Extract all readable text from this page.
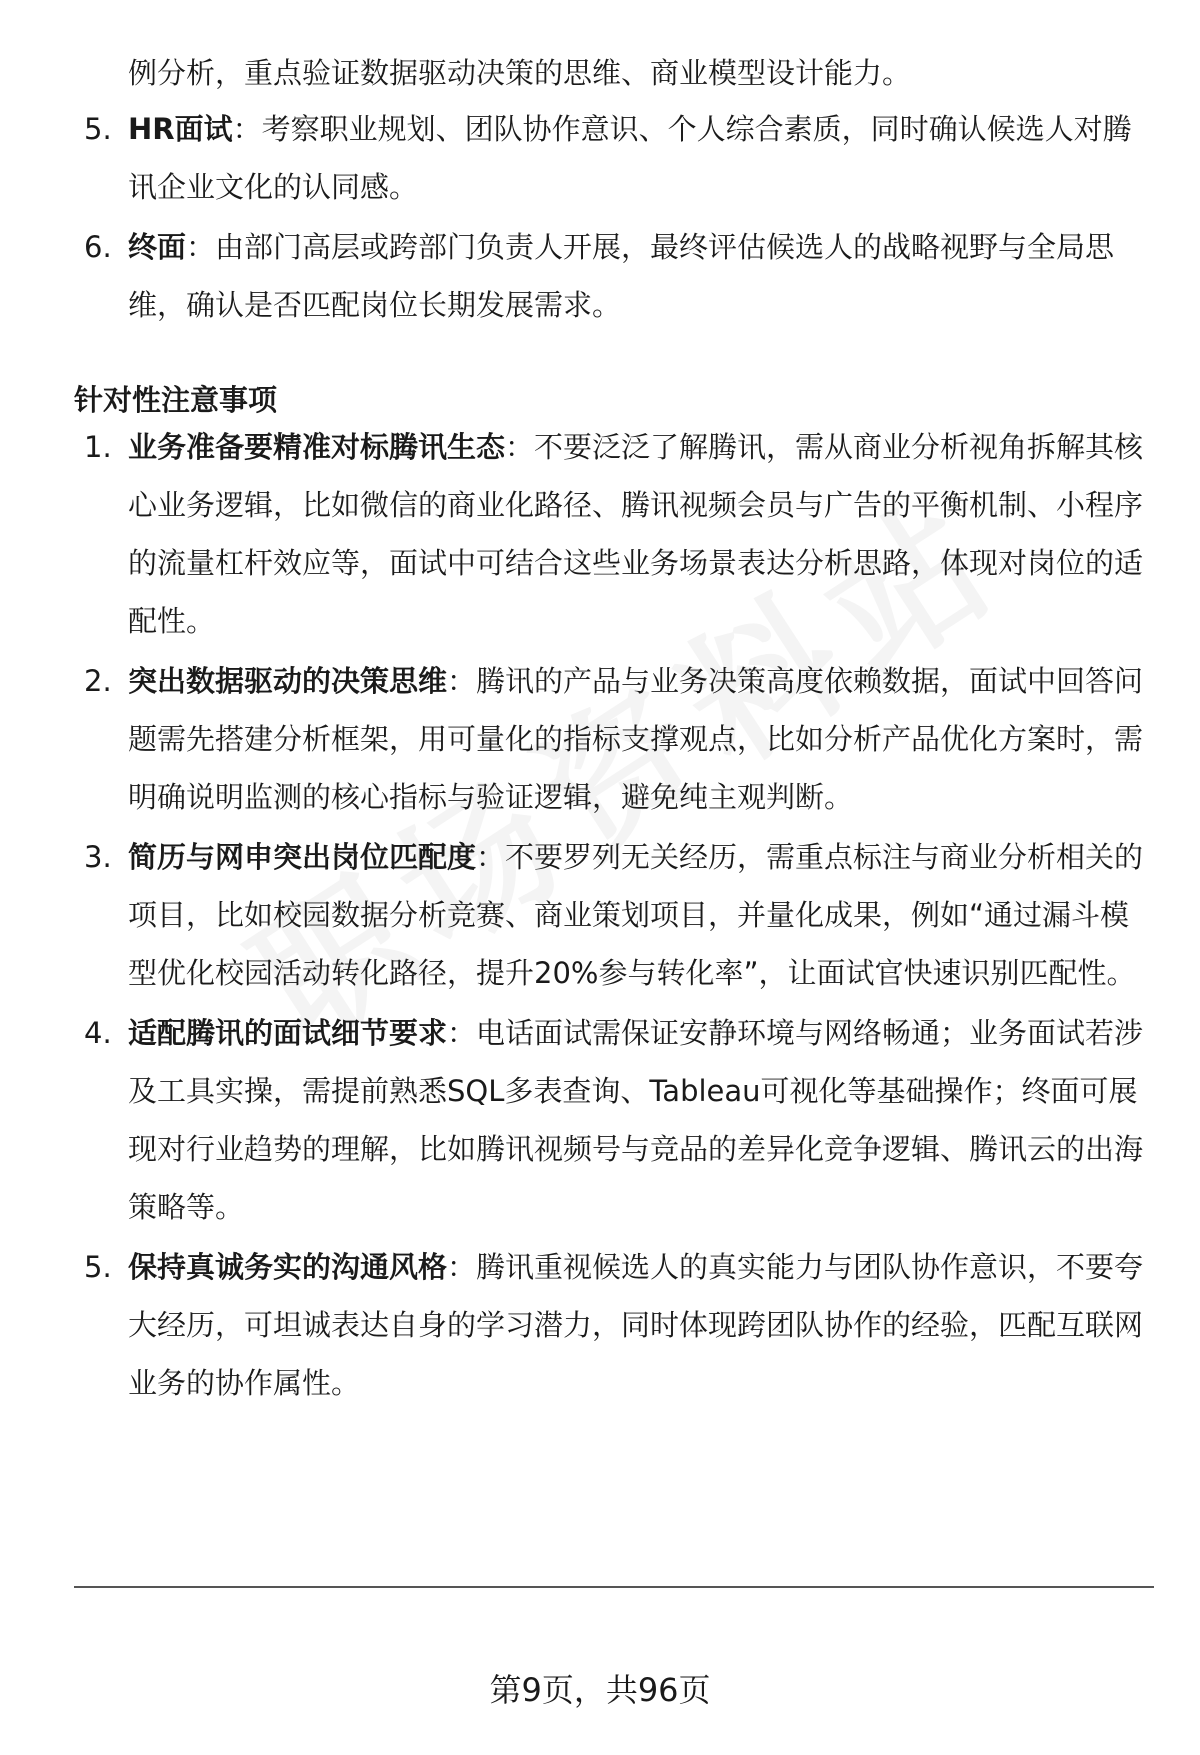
例分析，重点验证数据驱动决策的思维、商业模型设计能力。
5. HR面试：考察职业规划、团队协作意识、个人综合素质，同时确认候选人对腾讯企业文化的认同感。
6. 终面：由部门高层或跨部门负责人开展，最终评估候选人的战略视野与全局思维，确认是否匹配岗位长期发展需求。
针对性注意事项
1. 业务准备要精准对标腾讯生态：不要泛泛了解腾讯，需从商业分析视角拆解其核心业务逻辑，比如微信的商业化路径、腾讯视频会员与广告的平衡机制、小程序的流量杠杆效应等，面试中可结合这些业务场景表达分析思路，体现对岗位的适配性。
2. 突出数据驱动的决策思维：腾讯的产品与业务决策高度依赖数据，面试中回答问题需先搭建分析框架，用可量化的指标支撑观点，比如分析产品优化方案时，需明确说明监测的核心指标与验证逻辑，避免纯主观判断。
3. 简历与网申突出岗位匹配度：不要罗列无关经历，需重点标注与商业分析相关的项目，比如校园数据分析竞赛、商业策划项目，并量化成果，例如“通过漏斗模型优化校园活动转化路径，提升20%参与转化率”，让面试官快速识别匹配性。
4. 适配腾讯的面试细节要求：电话面试需保证安静环境与网络畅通；业务面试若涉及工具实操，需提前熟悉SQL多表查询、Tableau可视化等基础操作；终面可展现对行业趋势的理解，比如腾讯视频号与竞品的差异化竞争逻辑、腾讯云的出海策略等。
5. 保持真诚务实的沟通风格：腾讯重视候选人的真实能力与团队协作意识，不要夸大经历，可坦诚表达自身的学习潜力，同时体现跨团队协作的经验，匹配互联网业务的协作属性。
第9页，共96页
